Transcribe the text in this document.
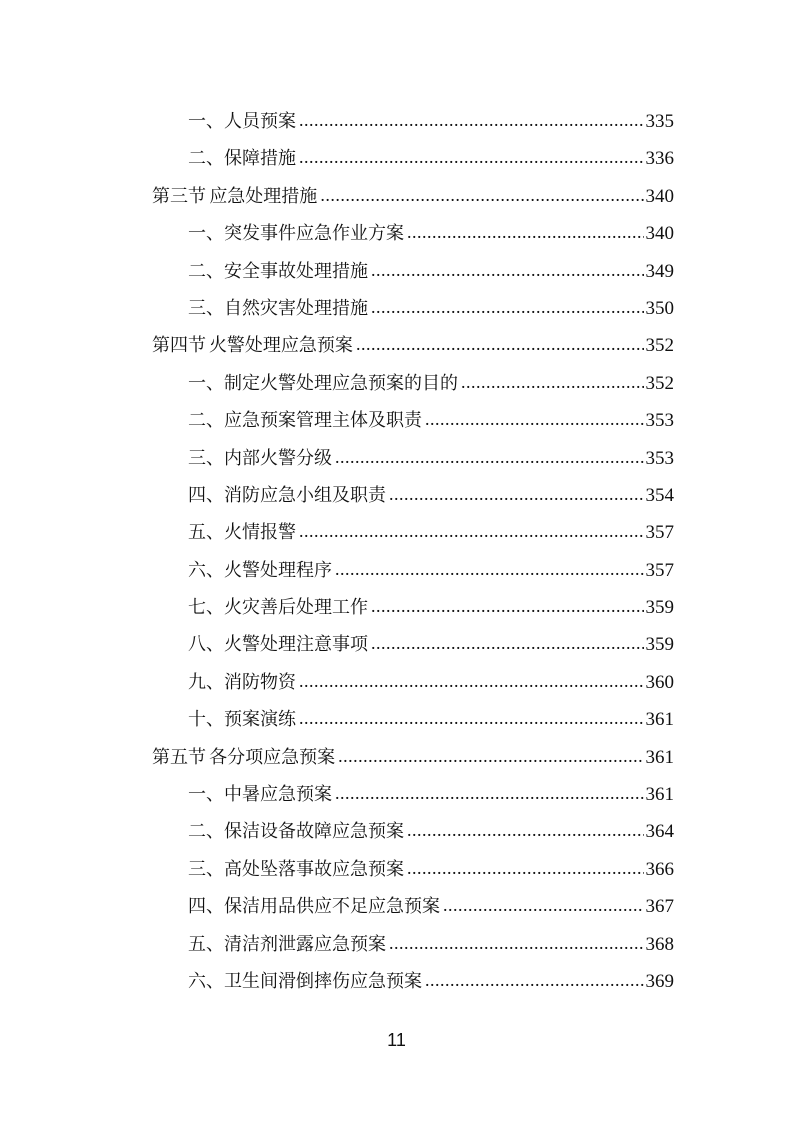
一、 人员预案 .....	335
二、 保障措施 .....	336
第三节 应急处理措施 .....	340
一、 突发事件应急作业方案 .....	340
二、 安全事故处理措施 .....	349
三、 自然灾害处理措施 .....	350
第四节 火警处理应急预案 .....	352
一、 制定火警处理应急预案的目的 .....	352
二、 应急预案管理主体及职责 .....	353
三、 内部火警分级 .....	353
四、 消防应急小组及职责 .....	354
五、 火情报警 .....	357
六、 火警处理程序 .....	357
七、 火灾善后处理工作 .....	359
八、 火警处理注意事项 .....	359
九、 消防物资 .....	360
十、 预案演练 .....	361
第五节 各分项应急预案 .....	361
一、 中暑应急预案 .....	361
二、 保洁设备故障应急预案 .....	364
三、 高处坠落事故应急预案 .....	366
四、 保洁用品供应不足应急预案 .....	367
五、 清洁剂泄露应急预案 .....	368
六、 卫生间滑倒摔伤应急预案 .....	369
11
